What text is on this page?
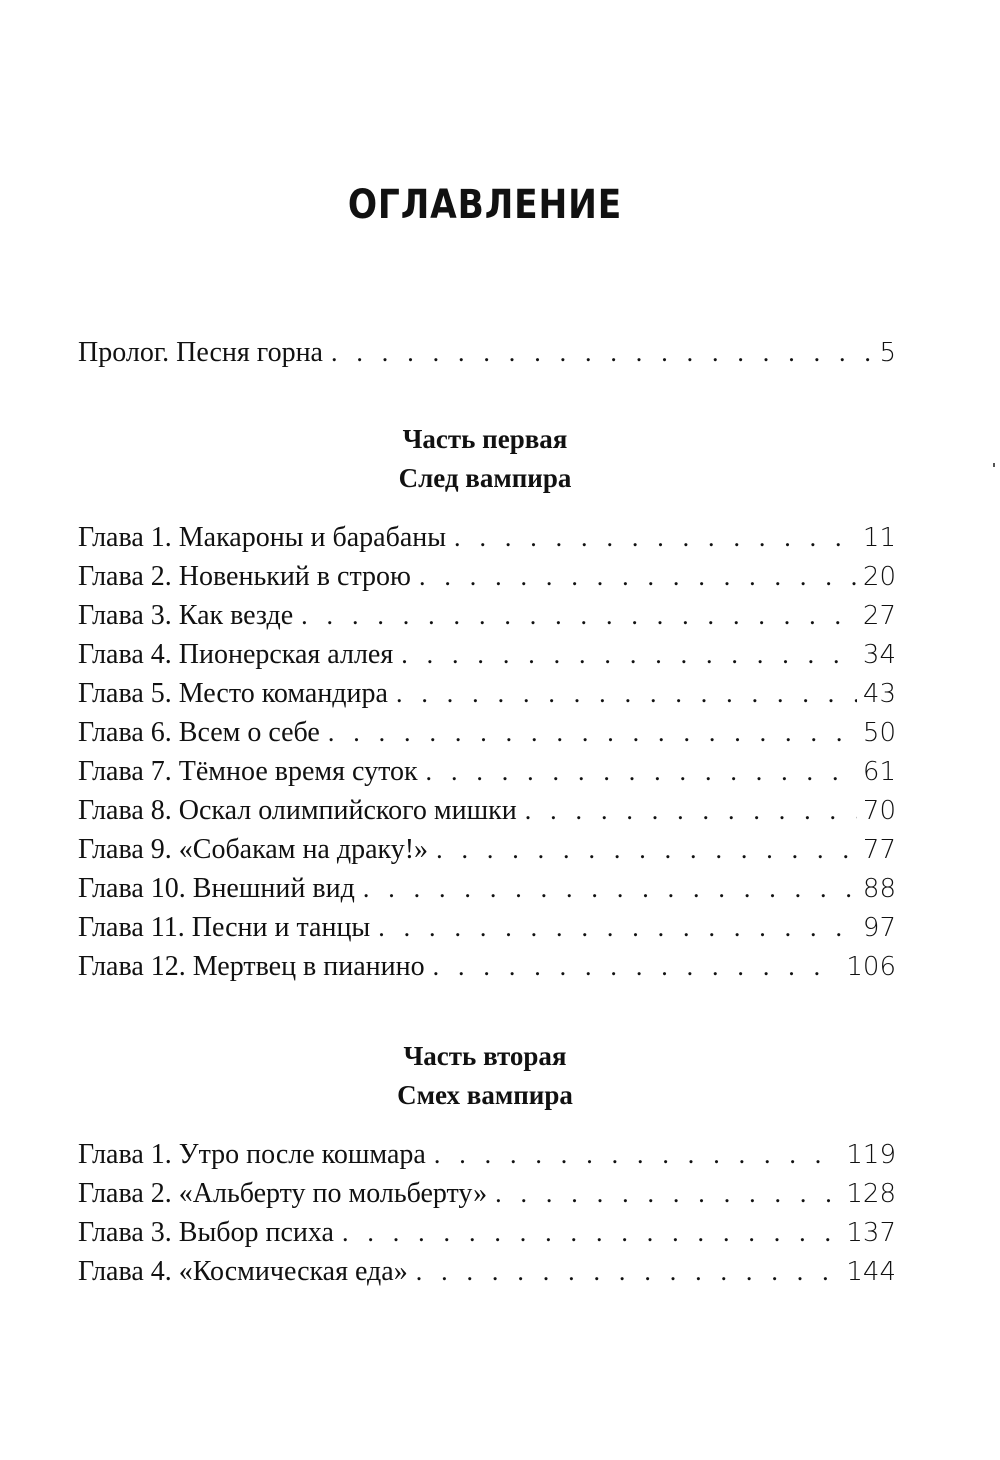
ОГЛАВЛЕНИЕ
Пролог. Песня горна . . .	5
Часть первая
След вампира
Глава 1. Макароны и барабаны . . .	11
Глава 2. Новенький в строю . . .	20
Глава 3. Как везде . . .	27
Глава 4. Пионерская аллея . . .	34
Глава 5. Место командира . . .	43
Глава 6. Всем о себе . . .	50
Глава 7. Тёмное время суток . . .	61
Глава 8. Оскал олимпийского мишки . . .	70
Глава 9. «Собакам на драку!» . . .	77
Глава 10. Внешний вид . . .	88
Глава 11. Песни и танцы . . .	97
Глава 12. Мертвец в пианино . . .	106
Часть вторая
Смех вампира
Глава 1. Утро после кошмара . . .	119
Глава 2. «Альберту по мольберту» . . .	128
Глава 3. Выбор психа . . .	137
Глава 4. «Космическая еда» . . .	144
